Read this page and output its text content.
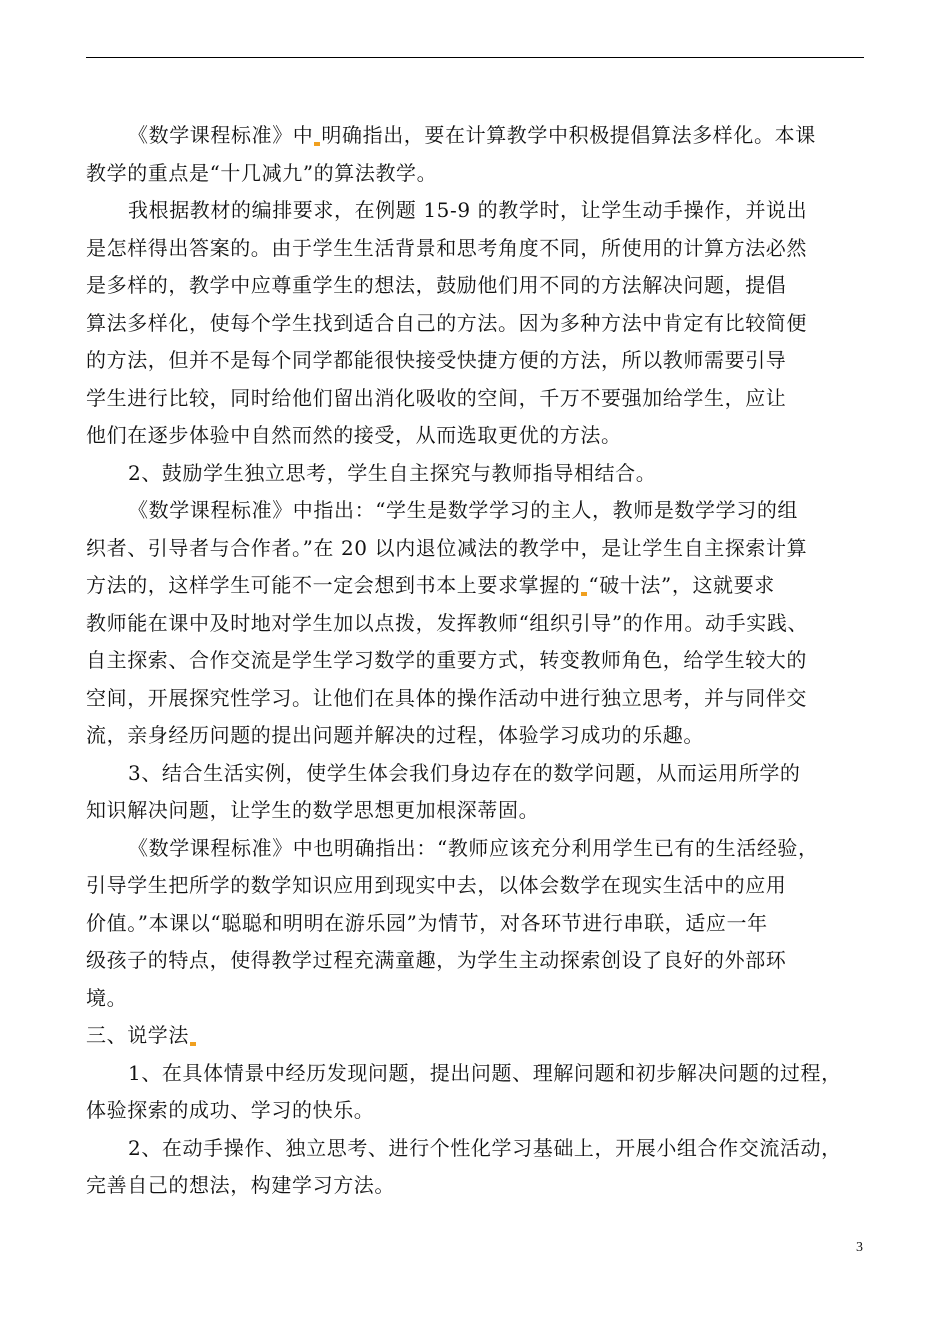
《数学课程标准》中 明确指出，要在计算教学中积极提倡算法多样化。本课
教学的重点是“十几减九”的算法教学。
我根据教材的编排要求，在例题 15-9 的教学时，让学生动手操作，并说出
是怎样得出答案的。由于学生生活背景和思考角度不同，所使用的计算方法必然
是多样的，教学中应尊重学生的想法，鼓励他们用不同的方法解决问题，提倡
算法多样化，使每个学生找到适合自己的方法。因为多种方法中肯定有比较简便
的方法，但并不是每个同学都能很快接受快捷方便的方法，所以教师需要引导
学生进行比较，同时给他们留出消化吸收的空间，千万不要强加给学生，应让
他们在逐步体验中自然而然的接受，从而选取更优的方法。
2、鼓励学生独立思考，学生自主探究与教师指导相结合。
《数学课程标准》中指出：“学生是数学学习的主人，教师是数学学习的组
织者、引导者与合作者。”在 20 以内退位减法的教学中，是让学生自主探索计算
方法的，这样学生可能不一定会想到书本上要求掌握的 “破十法”，这就要求
教师能在课中及时地对学生加以点拨，发挥教师“组织引导”的作用。动手实践、
自主探索、合作交流是学生学习数学的重要方式，转变教师角色，给学生较大的
空间，开展探究性学习。让他们在具体的操作活动中进行独立思考，并与同伴交
流，亲身经历问题的提出问题并解决的过程，体验学习成功的乐趣。
3、结合生活实例，使学生体会我们身边存在的数学问题，从而运用所学的
知识解决问题，让学生的数学思想更加根深蒂固。
《数学课程标准》中也明确指出：“教师应该充分利用学生已有的生活经验，
引导学生把所学的数学知识应用到现实中去，以体会数学在现实生活中的应用
价值。”本课以“聪聪和明明在游乐园”为情节，对各环节进行串联，适应一年
级孩子的特点，使得教学过程充满童趣，为学生主动探索创设了良好的外部环
境。
三、说学法
1、在具体情景中经历发现问题，提出问题、理解问题和初步解决问题的过程，
体验探索的成功、学习的快乐。
2、在动手操作、独立思考、进行个性化学习基础上，开展小组合作交流活动，
完善自己的想法，构建学习方法。
3
